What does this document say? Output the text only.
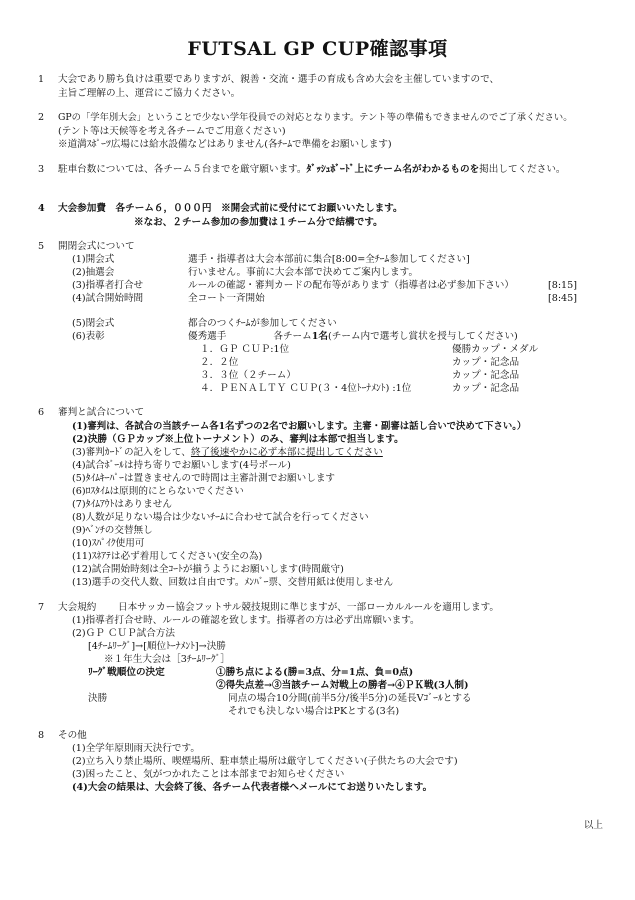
FUTSAL GP CUP確認事項
1 大会であり勝ち負けは重要でありますが、親善・交流・選手の育成も含め大会を主催していますので、
主旨ご理解の上、運営にご協力ください。
2 GPの「学年別大会」ということで少ない学年役員での対応となります。テント等の準備もできませんのでご了承ください。
(テント等は天候等を考え各チームでご用意ください)
※道満ｽﾎﾟｰﾂ広場には給水設備などはありません(各ﾁｰﾑで準備をお願いします)
3 駐車台数については、各チーム５台までを厳守願います。ﾀﾞｯｼｭﾎﾞｰﾄﾞ上にチーム名がわかるものを掲出してください。
4 大会参加費　各チーム６，０００円　※開会式前に受付にてお願いいたします。
※なお、２チーム参加の参加費は１チーム分で結構です。
5 開閉会式について
(1)開会式	選手・指導者は大会本部前に集合[8:00=全ﾁｰﾑ参加してください]
(2)抽選会	行いません。事前に大会本部で決めてご案内します。
(3)指導者打合せ	ルールの確認・審判カードの配布等があります（指導者は必ず参加下さい）	[8:15]
(4)試合開始時間	全コート一斉開始	[8:45]
(5)閉会式	都合のつくﾁｰﾑが参加してください
(6)表彰	優秀選手	各チーム1名(チーム内で選考し賞状を授与してください)
１．ＧＰ ＣＵＰ:1位	優勝カップ・メダル
２．２位	カップ・記念品
３．３位（２チーム）	カップ・記念品
４．ＰＥＮＡＬＴＹ ＣＵＰ(３・4位ﾄｰﾅﾒﾝﾄ) :1位	カップ・記念品
6 審判と試合について
(1)審判は、各試合の当該チーム各1名ずつの2名でお願いします。主審・副審は話し合いで決めて下さい。）
(2)決勝（ＧＰカップ※上位トーナメント）のみ、審判は本部で担当します。
(3)審判ｶｰﾄﾞの記入をして、終了後速やかに必ず本部に提出してください
(4)試合ﾎﾞｰﾙは持ち寄りでお願いします(4号ボール)
(5)ﾀｲﾑｷｰﾊﾟｰは置きませんので時間は主審計測でお願いします
(6)ﾛｽﾀｲﾑは原則的にとらないでください
(7)ﾀｲﾑｱｳﾄはありません
(8)人数が足りない場合は少ないﾁｰﾑに合わせて試合を行ってください
(9)ﾍﾞﾝﾁの交替無し
(10)ｽﾊﾟｲｸ使用可
(11)ｽﾈｱﾃは必ず着用してください(安全の為)
(12)試合開始時刻は全ｺｰﾄが揃うようにお願いします(時間厳守)
(13)選手の交代人数、回数は自由です。ﾒﾝﾊﾞｰ票、交替用紙は使用しません
7 大会規約 日本サッカー協会フットサル競技規則に準じますが、一部ローカルルールを適用します。
(1)指導者打合せ時、ルールの確認を致します。指導者の方は必ず出席願います。
(2)ＧＰ ＣＵＰ試合方法
[4ﾁｰﾑﾘｰｸﾞ]→[順位ﾄｰﾅﾒﾝﾄ]→決勝
※１年生大会は［3ﾁｰﾑﾘｰｸﾞ］
ﾘｰｸﾞ戦順位の決定	①勝ち点による(勝=3点、分=1点、負=0点)
②得失点差→③当該チーム対戦上の勝者→④ＰＫ戦(3人制)
決勝	同点の場合10分間(前半5分/後半5分)の延長Vｺﾞｰﾙとする
それでも決しない場合はPKとする(3名)
8 その他
(1)全学年原則雨天決行です。
(2)立ち入り禁止場所、喫煙場所、駐車禁止場所は厳守してください(子供たちの大会です)
(3)困ったこと、気がつかれたことは本部までお知らせください
(4)大会の結果は、大会終了後、各チーム代表者様へメールにてお送りいたします。
以上
